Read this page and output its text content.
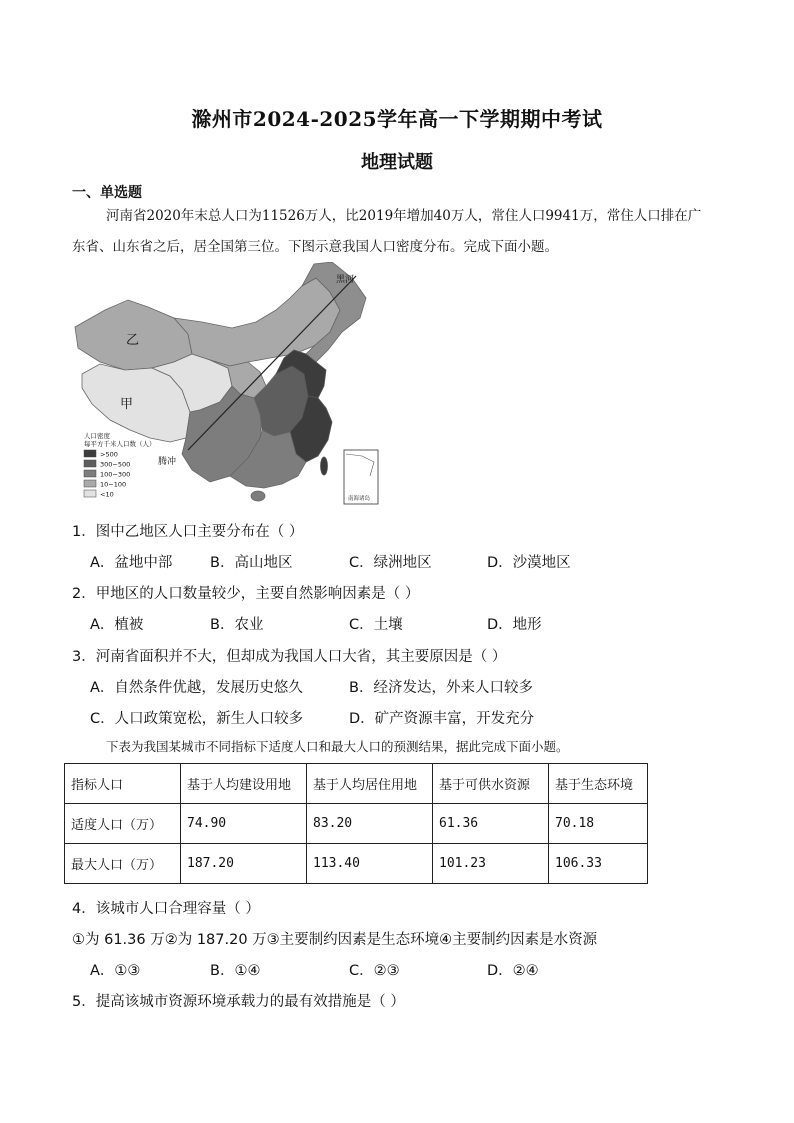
滁州市2024-2025学年高一下学期期中考试
地理试题
一、单选题
河南省2020年末总人口为11526万人，比2019年增加40万人，常住人口9941万，常住人口排在广
东省、山东省之后，居全国第三位。下图示意我国人口密度分布。完成下面小题。
乙
甲
黑河
腾冲
人口密度
每平方千米人口数（人）
>500
300~500
100~300
10~100
<10
南海诸岛
1．图中乙地区人口主要分布在（ ）
A．盆地中部	B．高山地区	C．绿洲地区	D．沙漠地区
2．甲地区的人口数量较少，主要自然影响因素是（ ）
A．植被	B．农业	C．土壤	D．地形
3．河南省面积并不大，但却成为我国人口大省，其主要原因是（ ）
A．自然条件优越，发展历史悠久	B．经济发达，外来人口较多
C．人口政策宽松，新生人口较多	D．矿产资源丰富，开发充分
下表为我国某城市不同指标下适度人口和最大人口的预测结果，据此完成下面小题。
指标人口	基于人均建设用地	基于人均居住用地	基于可供水资源	基于生态环境
适度人口（万）	74.90	83.20	61.36	70.18
最大人口（万）	187.20	113.40	101.23	106.33
4．该城市人口合理容量（ ）
①为 61.36 万②为 187.20 万③主要制约因素是生态环境④主要制约因素是水资源
A．①③	B．①④	C．②③	D．②④
5．提高该城市资源环境承载力的最有效措施是（ ）
